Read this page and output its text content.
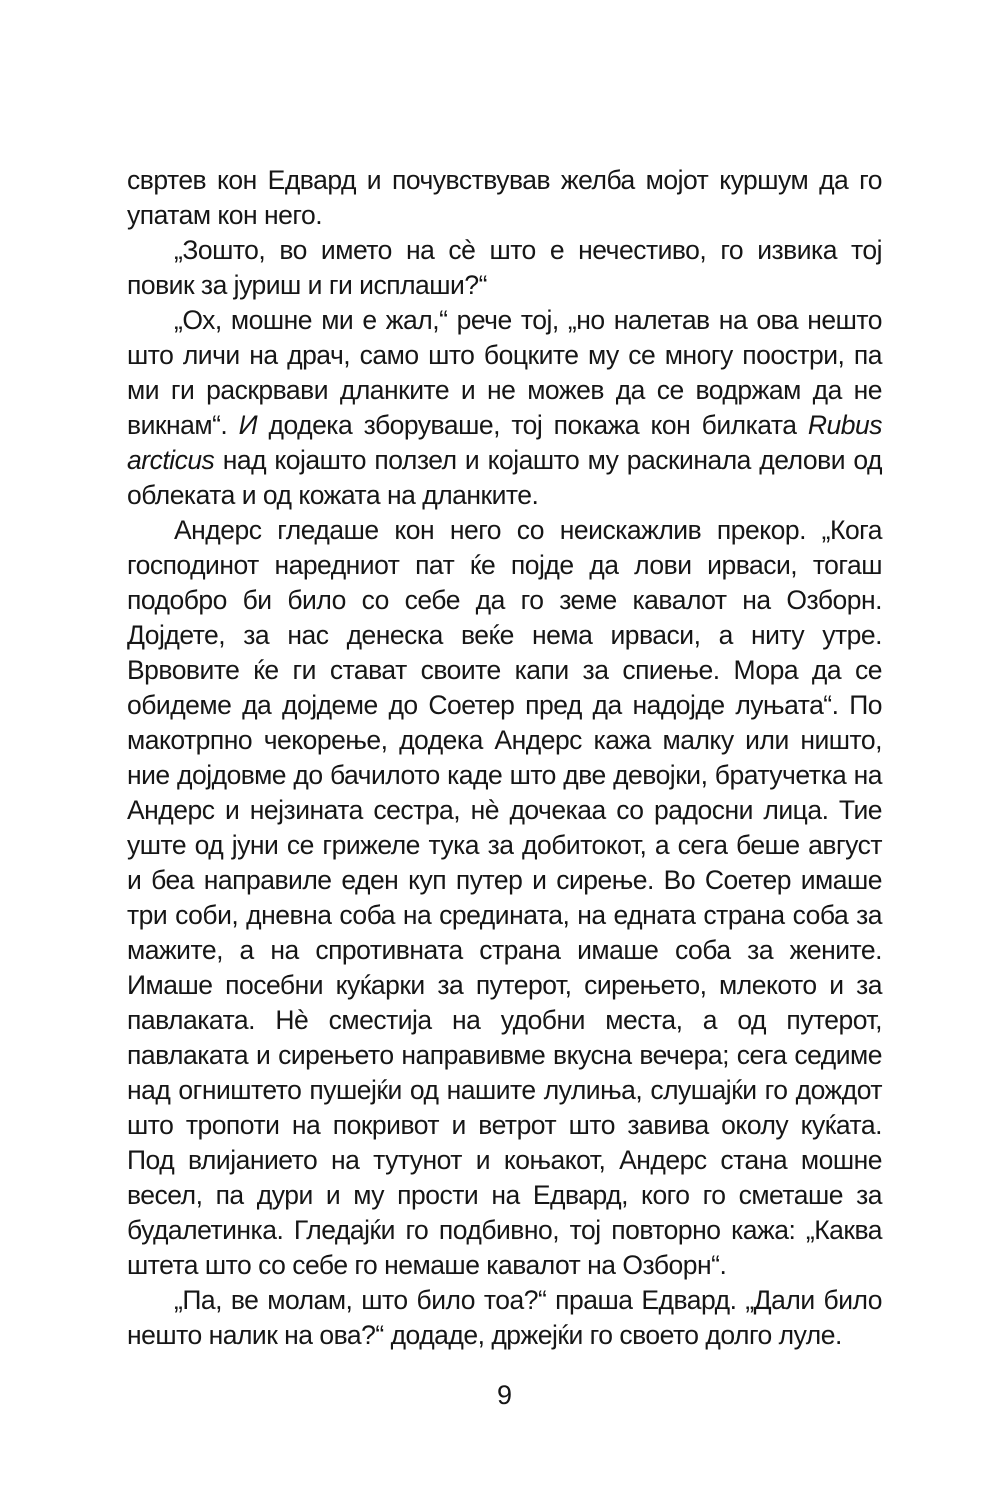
свртев кон Едвард и почувствував желба мојот куршум да го упатам кон него.

„Зошто, во името на сè што е нечестиво, го извика тој повик за јуриш и ги исплаши?“

„Ох, мошне ми е жал,“ рече тој, „но налетав на ова нешто што личи на драч, само што боцките му се многу поостри, па ми ги раскрвави дланките и не можев да се водржам да не викнам“. И додека зборуваше, тој покажа кон билката Rubus arcticus над којашто ползел и којашто му раскинала делови од облеката и од кожата на дланките.

Андерс гледаше кон него со неискажлив прекор. „Кога господинот наредниот пат ќе појде да лови ирваси, тогаш подобро би било со себе да го земе кавалот на Озборн. Дојдете, за нас денеска веќе нема ирваси, а ниту утре. Врвовите ќе ги стават своите капи за спиење. Мора да се обидеме да дојдеме до Соетер пред да надојде луњата“. По макотрпно чекорење, додека Андерс кажа малку или ништо, ние дојдовме до бачилото каде што две девојки, братучетка на Андерс и нејзината сестра, нè дочекаа со радосни лица. Тие уште од јуни се грижеле тука за добитокот, а сега беше август и беа направиле еден куп путер и сирење. Во Соетер имаше три соби, дневна соба на средината, на едната страна соба за мажите, а на спротивната страна имаше соба за жените. Имаше посебни куќарки за путерот, сирењето, млекото и за павлаката. Нè сместија на удобни места, а од путерот, павлаката и сирењето направивме вкусна вечера; сега седиме над огништето пушејќи од нашите лулиња, слушајќи го дождот што тропоти на покривот и ветрот што завива околу куќата. Под влијанието на тутунот и коњакот, Андерс стана мошне весел, па дури и му прости на Едвард, кого го сметаше за будалетинка. Гледајќи го подбивно, тој повторно кажа: „Каква штета што со себе го немаше кавалот на Озборн“.

„Па, ве молам, што било тоа?“ праша Едвард. „Дали било нешто налик на ова?“ додаде, држејќи го своето долго луле.

9
